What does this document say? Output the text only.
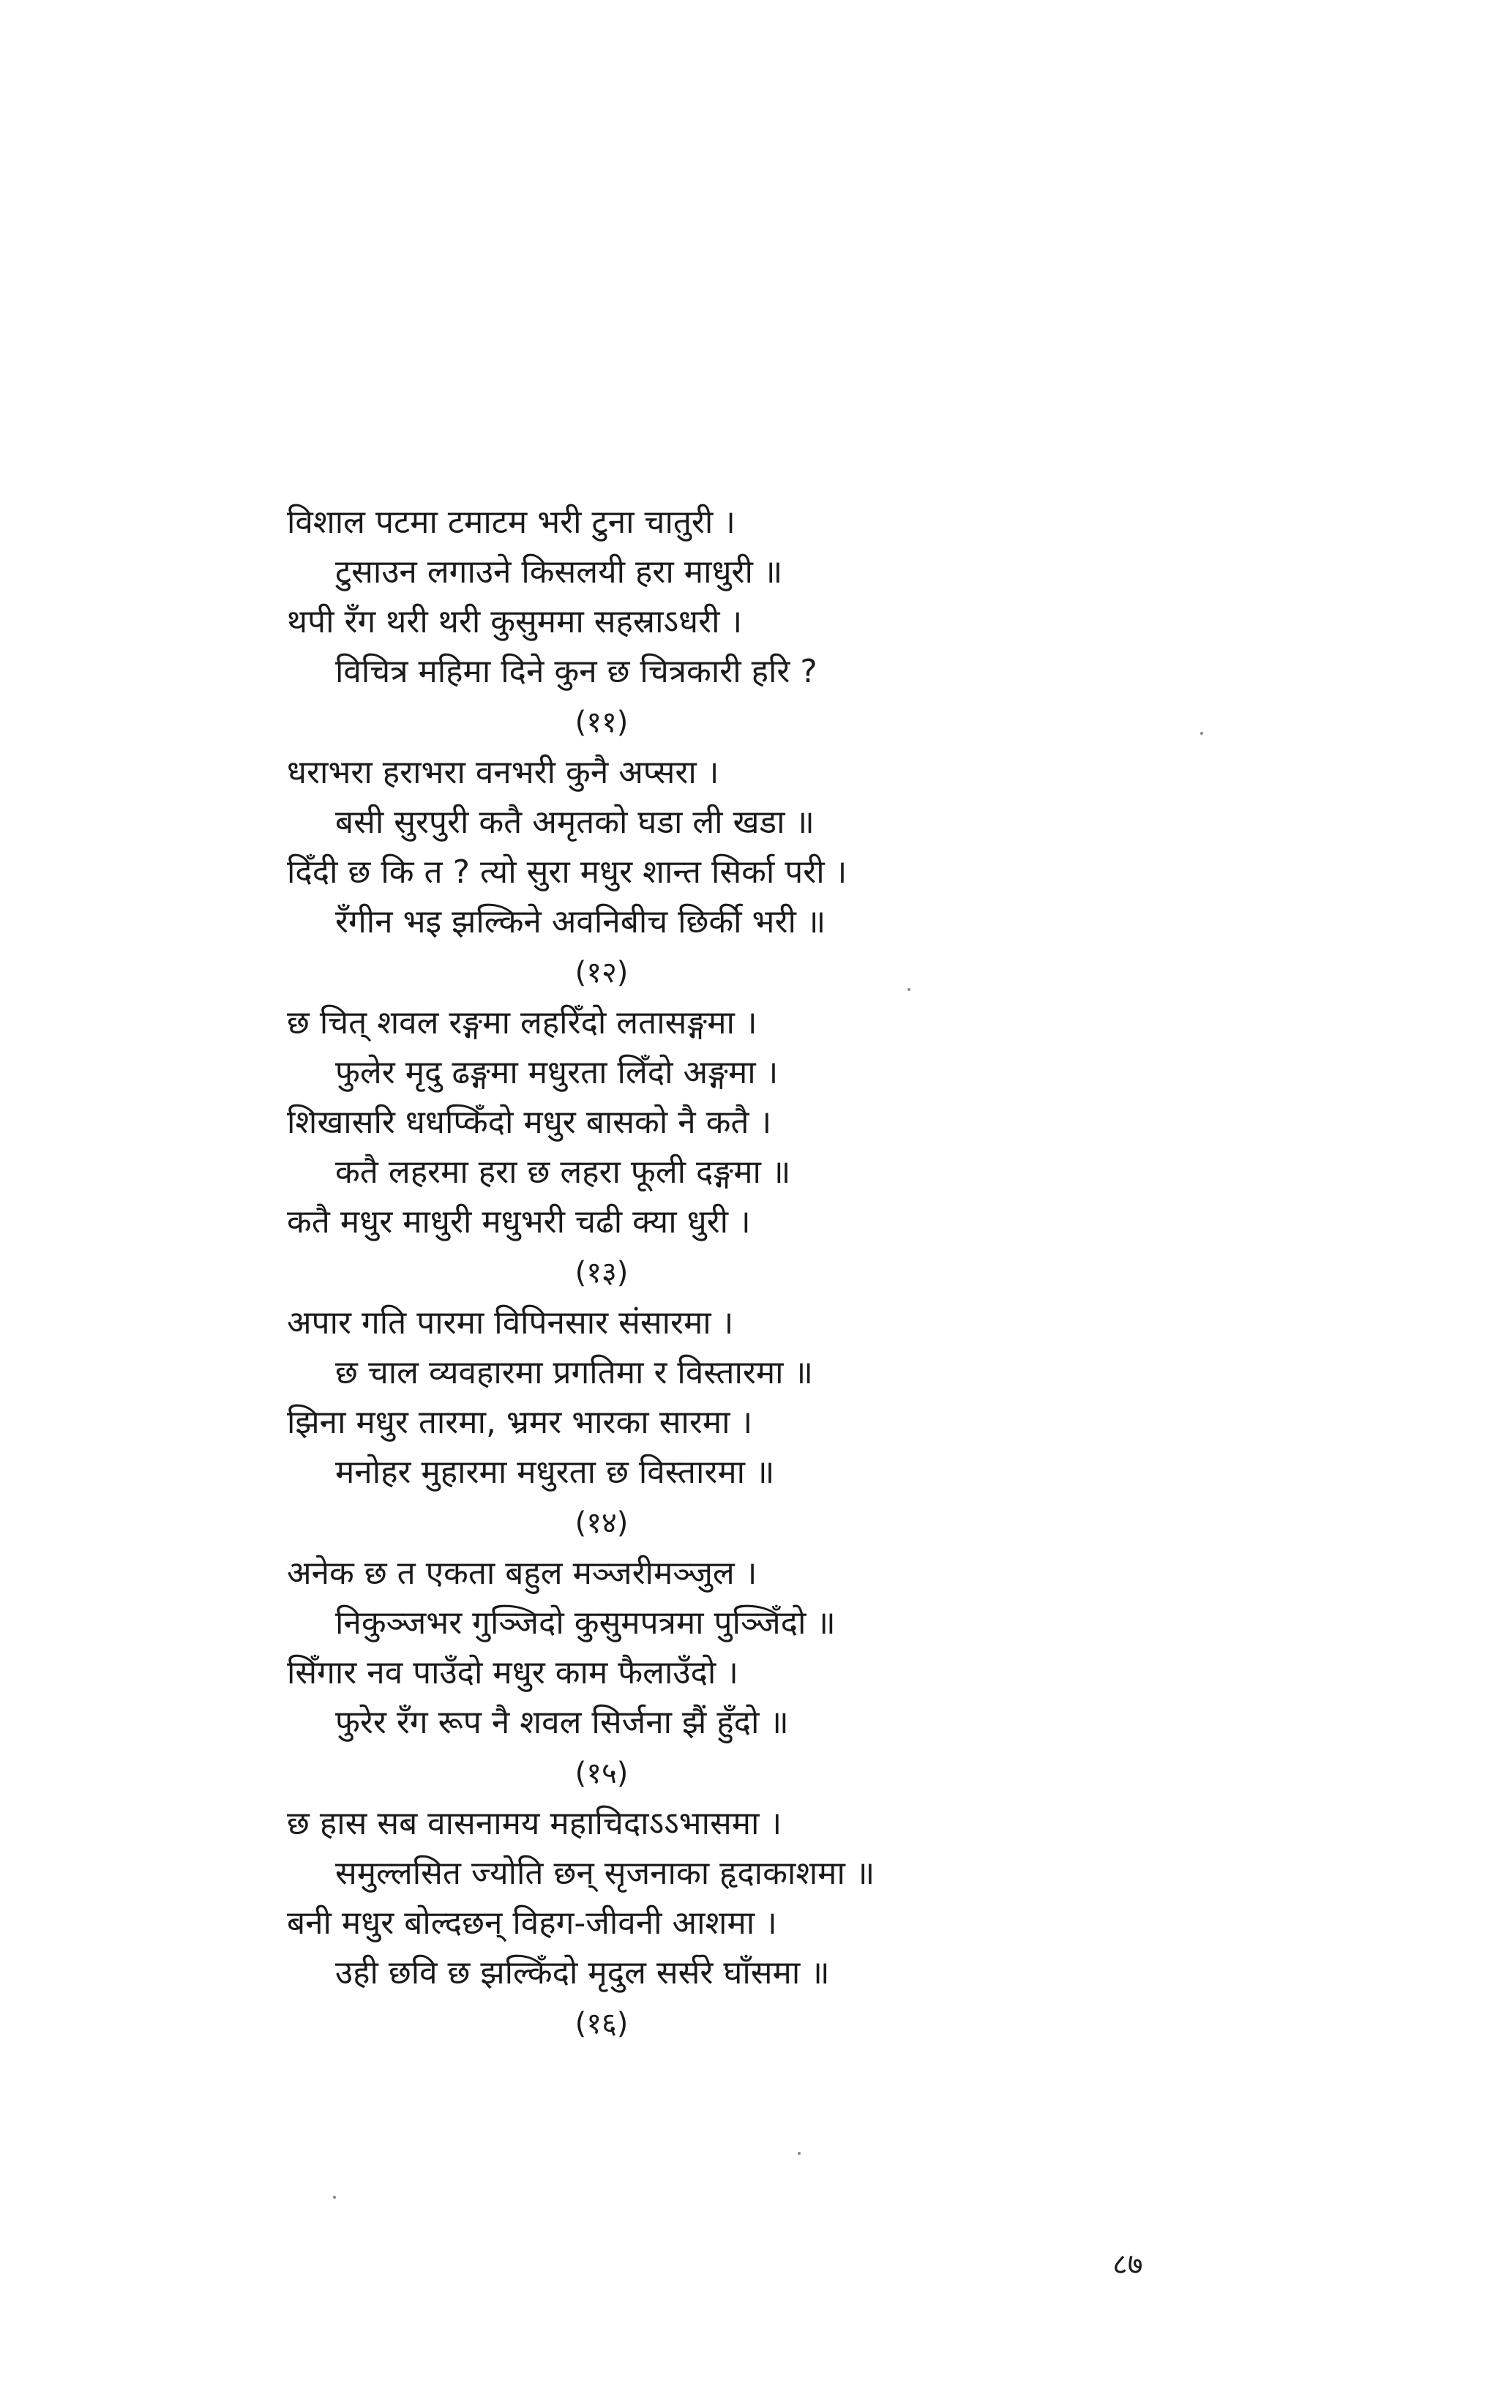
विशाल पटमा टमाटम भरी टुना चातुरी ।
टुसाउन लगाउने किसलयी हरा माधुरी ॥
थपी रँग थरी थरी कुसुममा सहस्राऽधरी ।
विचित्र महिमा दिने कुन छ चित्रकारी हरि ?
(११)
धराभरा हराभरा वनभरी कुनै अप्सरा ।
बसी सुरपुरी कतै अमृतको घडा ली खडा ॥
दिँदी छ कि त ? त्यो सुरा मधुर शान्त सिर्का परी ।
रँगीन भइ झल्किने अवनिबीच छिर्की भरी ॥
(१२)
छ चित् शवल रङ्गमा लहरिँदो लतासङ्गमा ।
फुलेर मृदु ढङ्गमा मधुरता लिँदो अङ्गमा ।
शिखासरि धधप्किँदो मधुर बासको नै कतै ।
कतै लहरमा हरा छ लहरा फूली दङ्गमा ॥
कतै मधुर माधुरी मधुभरी चढी क्या धुरी ।
(१३)
अपार गति पारमा विपिनसार संसारमा ।
छ चाल व्यवहारमा प्रगतिमा र विस्तारमा ॥
झिना मधुर तारमा, भ्रमर भारका सारमा ।
मनोहर मुहारमा मधुरता छ विस्तारमा ॥
(१४)
अनेक छ त एकता बहुल मञ्जरीमञ्जुल ।
निकुञ्जभर गुञ्जिदो कुसुमपत्रमा पुञ्जिँदो ॥
सिँगार नव पाउँदो मधुर काम फैलाउँदो ।
फुरेर रँग रूप नै शवल सिर्जना झैं हुँदो ॥
(१५)
छ हास सब वासनामय महाचिदाऽऽभासमा ।
समुल्लसित ज्योति छन् सृजनाका हृदाकाशमा ॥
बनी मधुर बोल्दछन् विहग-जीवनी आशमा ।
उही छवि छ झल्किँदो मृदुल सर्सरे घाँसमा ॥
(१६)
८७
